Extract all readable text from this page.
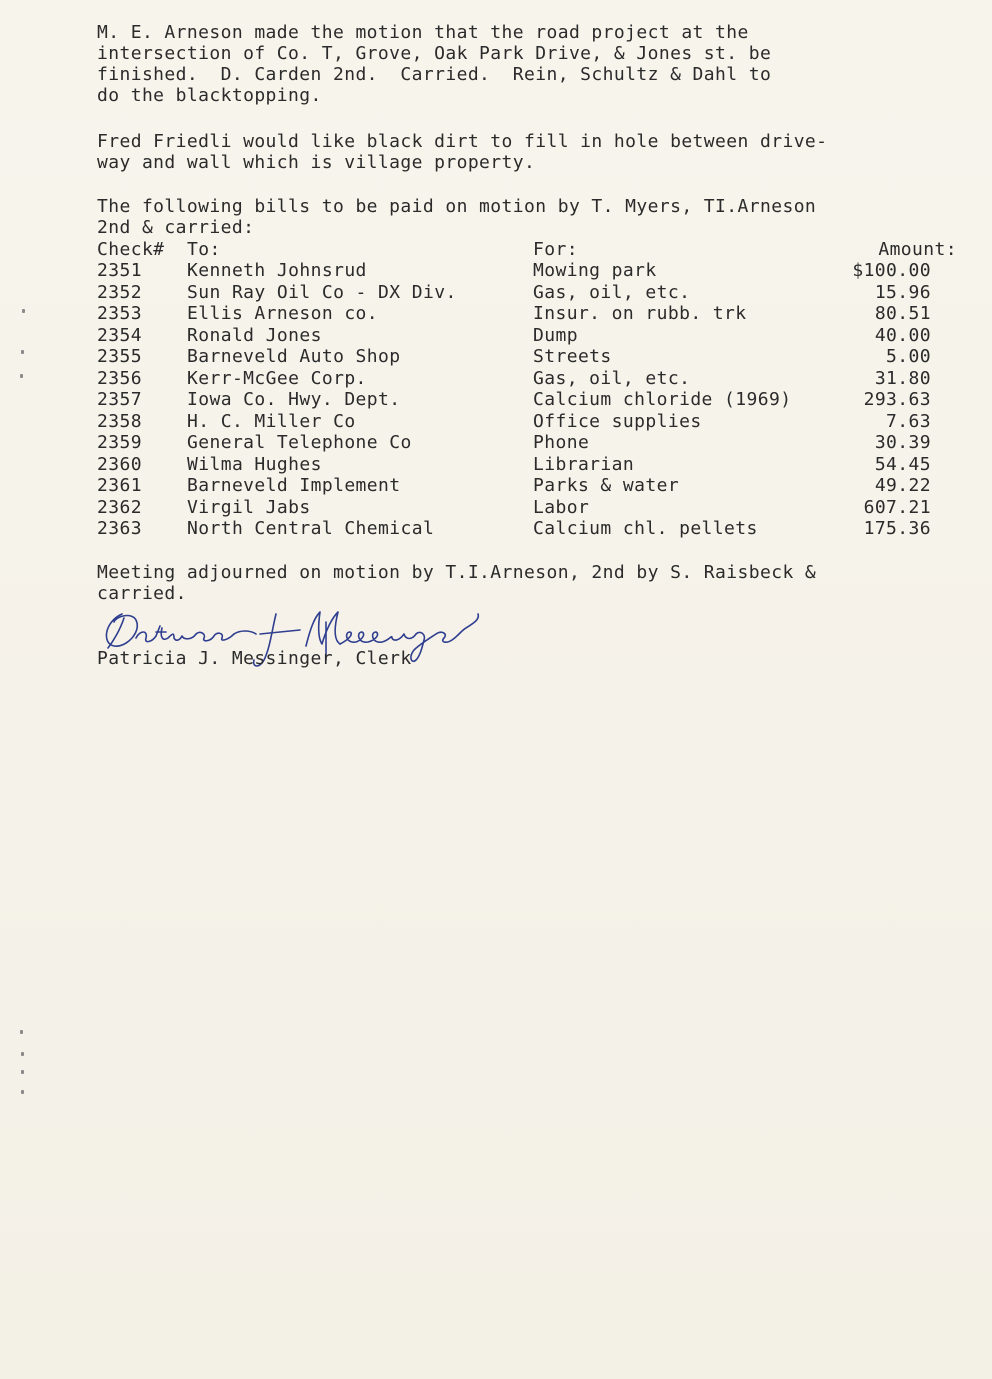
M. E. Arneson made the motion that the road project at the
intersection of Co. T, Grove, Oak Park Drive, & Jones st. be
finished.  D. Carden 2nd.  Carried.  Rein, Schultz & Dahl to
do the blacktopping.
Fred Friedli would like black dirt to fill in hole between drive-
way and wall which is village property.
The following bills to be paid on motion by T. Myers, TI.Arneson
2nd & carried:
Check# To:	For:	Amount:
2351	Kenneth Johnsrud	Mowing park	$100.00
2352	Sun Ray Oil Co - DX Div.	Gas, oil, etc.	15.96
2353	Ellis Arneson co.	Insur. on rubb. trk	80.51
2354	Ronald Jones	Dump	40.00
2355	Barneveld Auto Shop	Streets	5.00
2356	Kerr-McGee Corp.	Gas, oil, etc.	31.80
2357	Iowa Co. Hwy. Dept.	Calcium chloride (1969)	293.63
2358	H. C. Miller Co	Office supplies	7.63
2359	General Telephone Co	Phone	30.39
2360	Wilma Hughes	Librarian	54.45
2361	Barneveld Implement	Parks & water	49.22
2362	Virgil Jabs	Labor	607.21
2363	North Central Chemical	Calcium chl. pellets	175.36
Meeting adjourned on motion by T.I.Arneson, 2nd by S. Raisbeck &
carried.
Patricia J. Messinger, Clerk
